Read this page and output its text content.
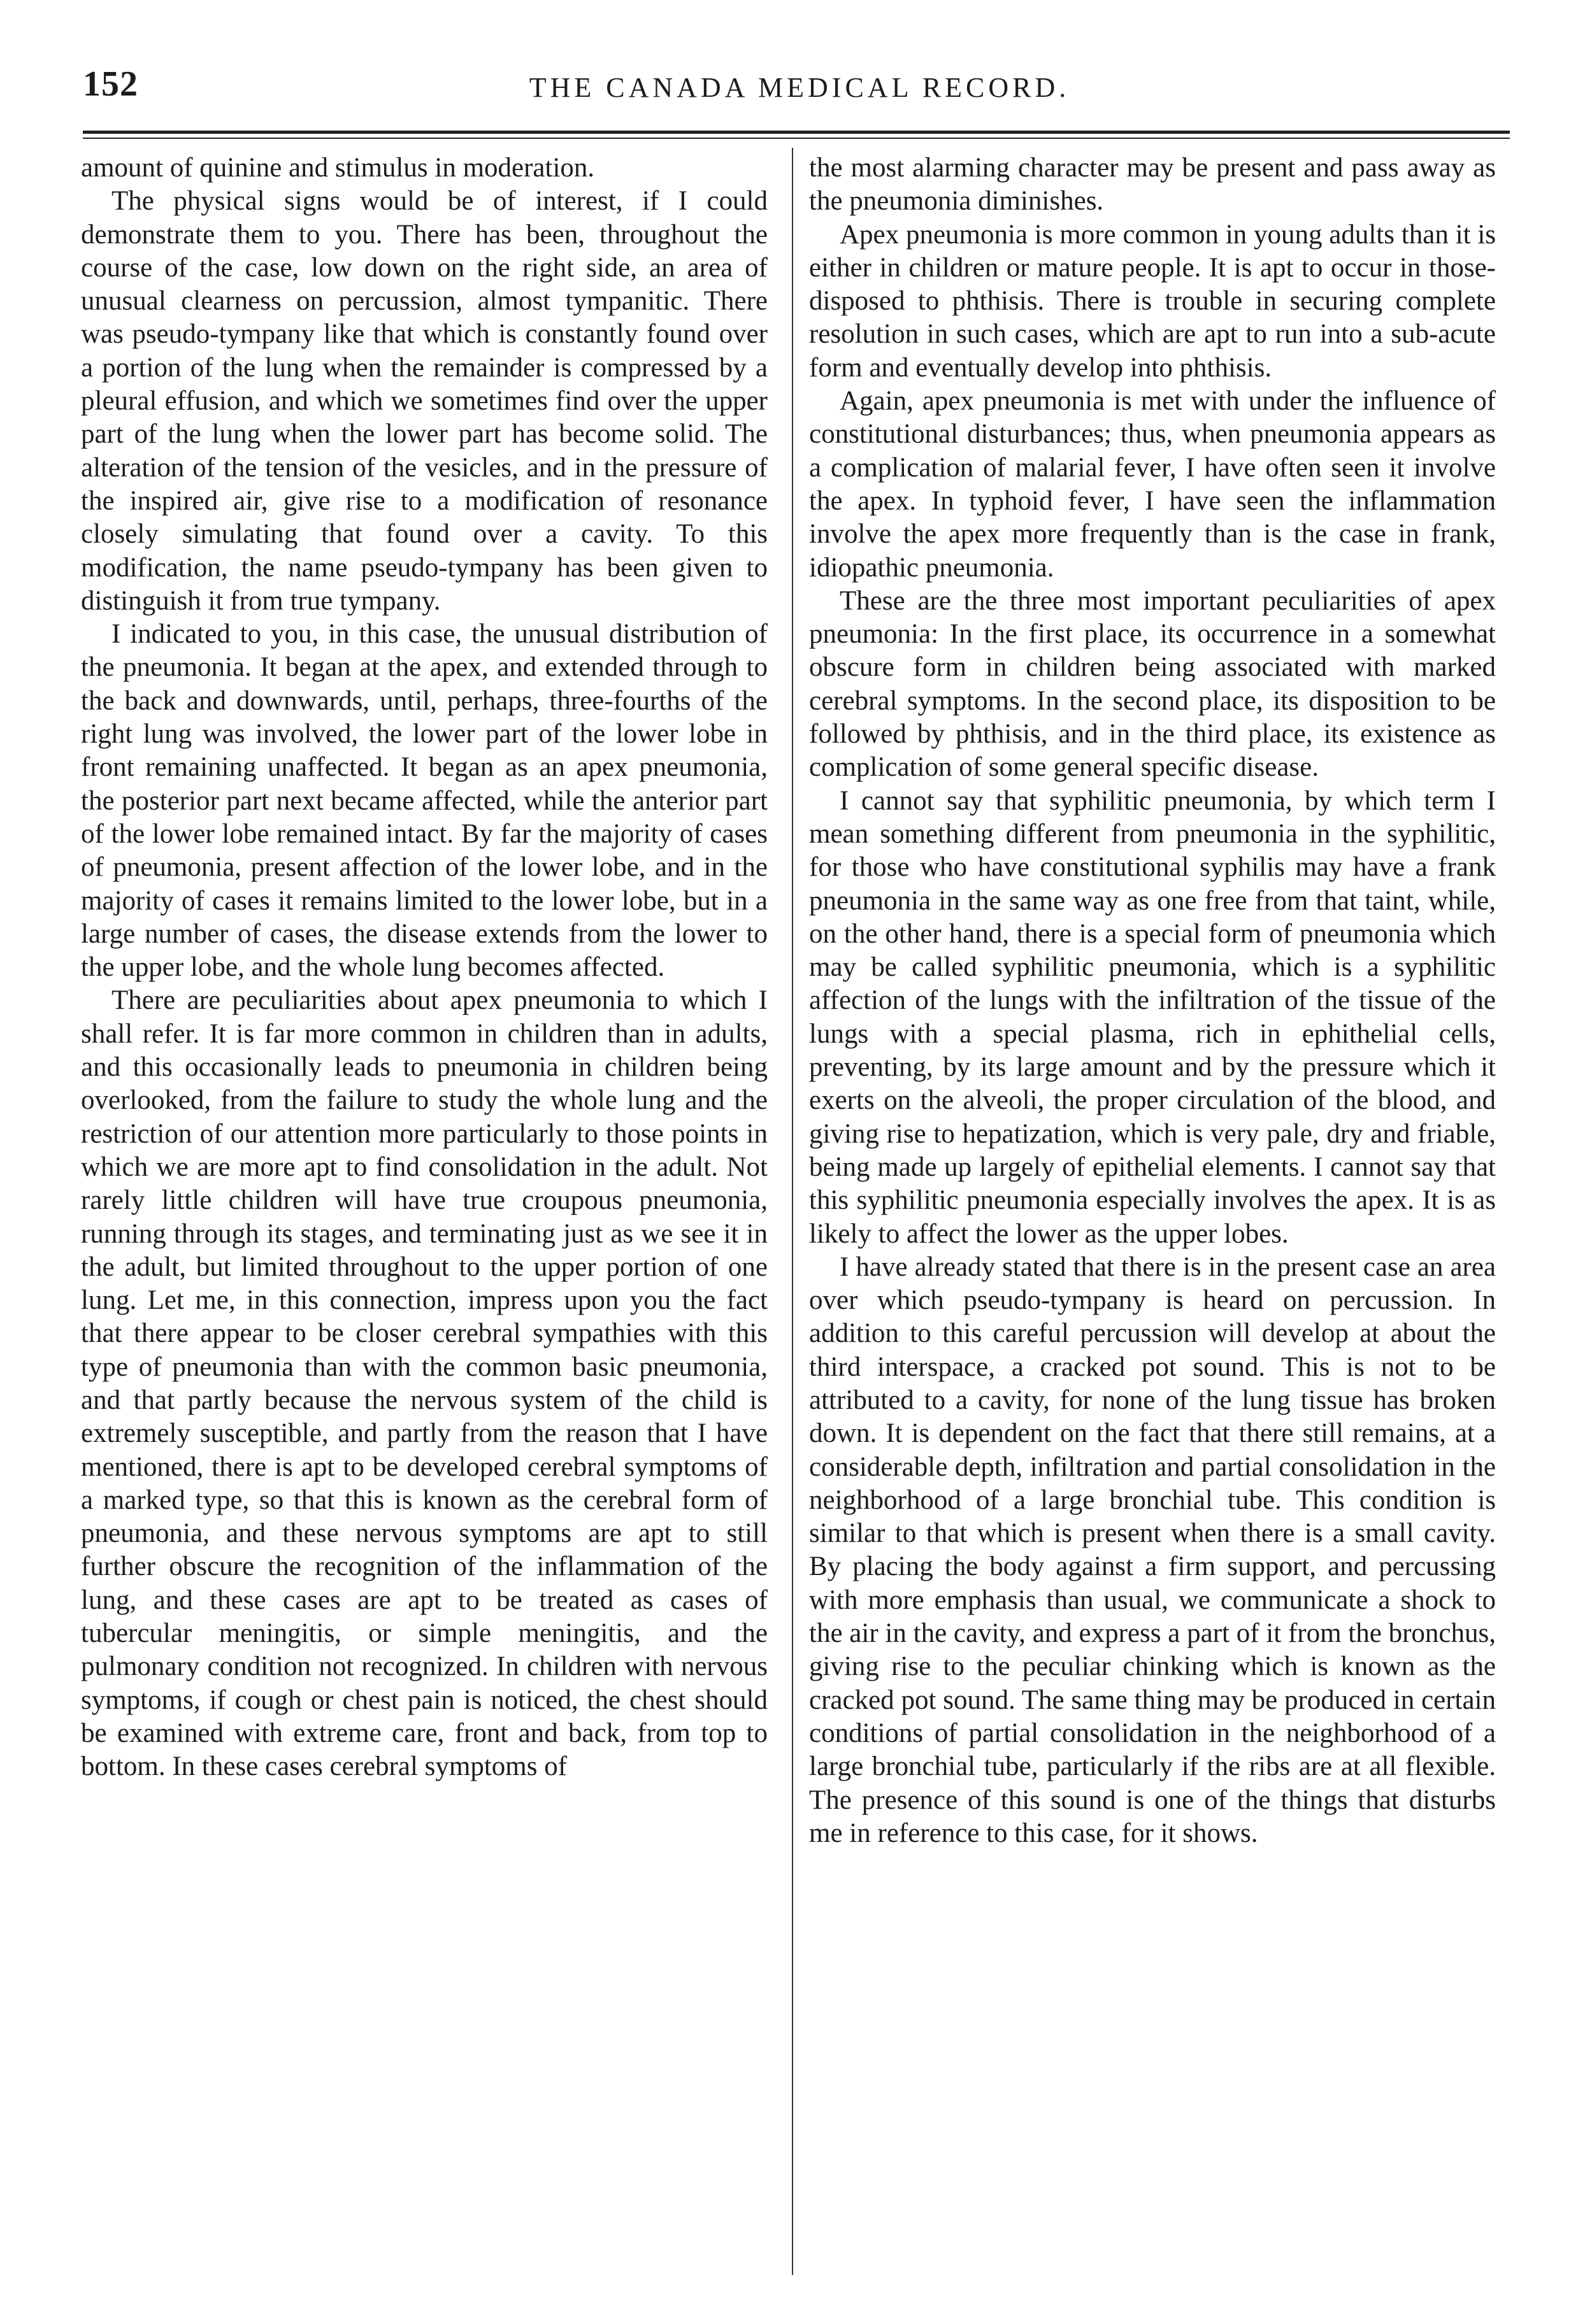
152	THE CANADA MEDICAL RECORD.

amount of quinine and stimulus in moderation.

The physical signs would be of interest, if I could demonstrate them to you. There has been, throughout the course of the case, low down on the right side, an area of unusual clearness on percussion, almost tympanitic. There was pseudo-tympany like that which is constantly found over a portion of the lung when the remainder is compressed by a pleural effusion, and which we sometimes find over the upper part of the lung when the lower part has become solid. The alteration of the tension of the vesicles, and in the pressure of the inspired air, give rise to a modification of resonance closely simulating that found over a cavity. To this modification, the name pseudo-tympany has been given to distinguish it from true tympany.

I indicated to you, in this case, the unusual distribution of the pneumonia. It began at the apex, and extended through to the back and downwards, until, perhaps, three-fourths of the right lung was involved, the lower part of the lower lobe in front remaining unaffected. It began as an apex pneumonia, the posterior part next became affected, while the anterior part of the lower lobe remained intact. By far the majority of cases of pneumonia, present affection of the lower lobe, and in the majority of cases it remains limited to the lower lobe, but in a large number of cases, the disease extends from the lower to the upper lobe, and the whole lung becomes affected.

There are peculiarities about apex pneumonia to which I shall refer. It is far more common in children than in adults, and this occasionally leads to pneumonia in children being overlooked, from the failure to study the whole lung and the restriction of our attention more particularly to those points in which we are more apt to find consolidation in the adult. Not rarely little children will have true croupous pneumonia, running through its stages, and terminating just as we see it in the adult, but limited throughout to the upper portion of one lung. Let me, in this connection, impress upon you the fact that there appear to be closer cerebral sympathies with this type of pneumonia than with the common basic pneumonia, and that partly because the nervous system of the child is extremely susceptible, and partly from the reason that I have mentioned, there is apt to be developed cerebral symptoms of a marked type, so that this is known as the cerebral form of pneumonia, and these nervous symptoms are apt to still further obscure the recognition of the inflammation of the lung, and these cases are apt to be treated as cases of tubercular meningitis, or simple meningitis, and the pulmonary condition not recognized. In children with nervous symptoms, if cough or chest pain is noticed, the chest should be examined with extreme care, front and back, from top to bottom. In these cases cerebral symptoms of

the most alarming character may be present and pass away as the pneumonia diminishes.

Apex pneumonia is more common in young adults than it is either in children or mature people. It is apt to occur in those-disposed to phthisis. There is trouble in securing complete resolution in such cases, which are apt to run into a sub-acute form and eventually develop into phthisis.

Again, apex pneumonia is met with under the influence of constitutional disturbances; thus, when pneumonia appears as a complication of malarial fever, I have often seen it involve the apex. In typhoid fever, I have seen the inflammation involve the apex more frequently than is the case in frank, idiopathic pneumonia.

These are the three most important peculiarities of apex pneumonia: In the first place, its occurrence in a somewhat obscure form in children being associated with marked cerebral symptoms. In the second place, its disposition to be followed by phthisis, and in the third place, its existence as complication of some general specific disease.

I cannot say that syphilitic pneumonia, by which term I mean something different from pneumonia in the syphilitic, for those who have constitutional syphilis may have a frank pneumonia in the same way as one free from that taint, while, on the other hand, there is a special form of pneumonia which may be called syphilitic pneumonia, which is a syphilitic affection of the lungs with the infiltration of the tissue of the lungs with a special plasma, rich in ephithelial cells, preventing, by its large amount and by the pressure which it exerts on the alveoli, the proper circulation of the blood, and giving rise to hepatization, which is very pale, dry and friable, being made up largely of epithelial elements. I cannot say that this syphilitic pneumonia especially involves the apex. It is as likely to affect the lower as the upper lobes.

I have already stated that there is in the present case an area over which pseudo-tympany is heard on percussion. In addition to this careful percussion will develop at about the third interspace, a cracked pot sound. This is not to be attributed to a cavity, for none of the lung tissue has broken down. It is dependent on the fact that there still remains, at a considerable depth, infiltration and partial consolidation in the neighborhood of a large bronchial tube. This condition is similar to that which is present when there is a small cavity. By placing the body against a firm support, and percussing with more emphasis than usual, we communicate a shock to the air in the cavity, and express a part of it from the bronchus, giving rise to the peculiar chinking which is known as the cracked pot sound. The same thing may be produced in certain conditions of partial consolidation in the neighborhood of a large bronchial tube, particularly if the ribs are at all flexible. The presence of this sound is one of the things that disturbs me in reference to this case, for it shows.
